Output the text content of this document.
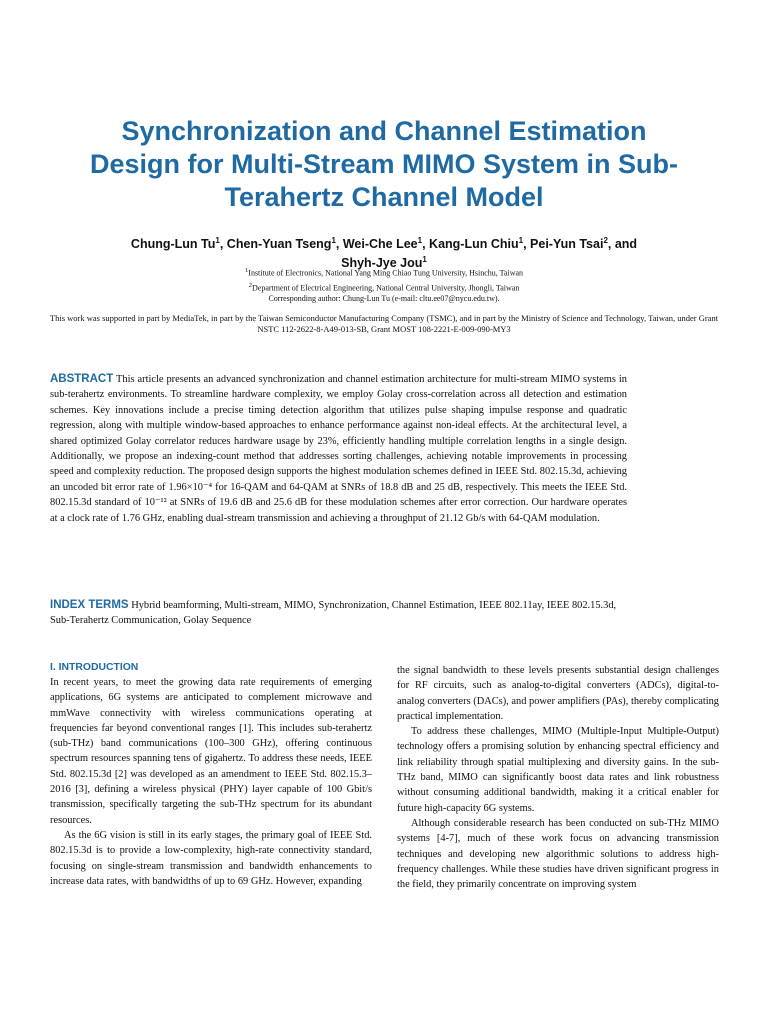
Synchronization and Channel Estimation
Design for Multi-Stream MIMO System in Sub-
Terahertz Channel Model
Chung-Lun Tu$^1$, Chen-Yuan Tseng$^1$, Wei-Che Lee$^1$, Kang-Lun Chiu$^1$, Pei-Yun Tsai$^2$, and
Shyh-Jye Jou$^1$
$^1$Institute of Electronics, National Yang Ming Chiao Tung University, Hsinchu, Taiwan
$^2$Department of Electrical Engineering, National Central University, Jhongli, Taiwan
Corresponding author: Chung-Lun Tu (e-mail: cltu.ee07@nycu.edu.tw).
This work was supported in part by MediaTek, in part by the Taiwan Semiconductor Manufacturing Company (TSMC), and in part by the Ministry of Science and Technology, Taiwan, under Grant NSTC 112-2622-8-A49-013-SB, Grant MOST 108-2221-E-009-090-MY3
ABSTRACT This article presents an advanced synchronization and channel estimation architecture for multi-stream MIMO systems in sub-terahertz environments. To streamline hardware complexity, we employ Golay cross-correlation across all detection and estimation schemes. Key innovations include a precise timing detection algorithm that utilizes pulse shaping impulse response and quadratic regression, along with multiple window-based approaches to enhance performance against non-ideal effects. At the architectural level, a shared optimized Golay correlator reduces hardware usage by 23%, efficiently handling multiple correlation lengths in a single design. Additionally, we propose an indexing-count method that addresses sorting challenges, achieving notable improvements in processing speed and complexity reduction. The proposed design supports the highest modulation schemes defined in IEEE Std. 802.15.3d, achieving an uncoded bit error rate of 1.96×10⁻⁴ for 16-QAM and 64-QAM at SNRs of 18.8 dB and 25 dB, respectively. This meets the IEEE Std. 802.15.3d standard of 10⁻¹² at SNRs of 19.6 dB and 25.6 dB for these modulation schemes after error correction. Our hardware operates at a clock rate of 1.76 GHz, enabling dual-stream transmission and achieving a throughput of 21.12 Gb/s with 64-QAM modulation.
INDEX TERMS Hybrid beamforming, Multi-stream, MIMO, Synchronization, Channel Estimation, IEEE 802.11ay, IEEE 802.15.3d, Sub-Terahertz Communication, Golay Sequence
I. INTRODUCTION

In recent years, to meet the growing data rate requirements of emerging applications, 6G systems are anticipated to complement microwave and mmWave connectivity with wireless communications operating at frequencies far beyond conventional ranges [1]. This includes sub-terahertz (sub-THz) band communications (100–300 GHz), offering continuous spectrum resources spanning tens of gigahertz. To address these needs, IEEE Std. 802.15.3d [2] was developed as an amendment to IEEE Std. 802.15.3–2016 [3], defining a wireless physical (PHY) layer capable of 100 Gbit/s transmission, specifically targeting the sub-THz spectrum for its abundant resources.

As the 6G vision is still in its early stages, the primary goal of IEEE Std. 802.15.3d is to provide a low-complexity, high-rate connectivity standard, focusing on single-stream transmission and bandwidth enhancements to increase data rates, with bandwidths of up to 69 GHz. However, expanding

the signal bandwidth to these levels presents substantial design challenges for RF circuits, such as analog-to-digital converters (ADCs), digital-to-analog converters (DACs), and power amplifiers (PAs), thereby complicating practical implementation.

To address these challenges, MIMO (Multiple-Input Multiple-Output) technology offers a promising solution by enhancing spectral efficiency and link reliability through spatial multiplexing and diversity gains. In the sub-THz band, MIMO can significantly boost data rates and link robustness without consuming additional bandwidth, making it a critical enabler for future high-capacity 6G systems.

Although considerable research has been conducted on sub-THz MIMO systems [4-7], much of these work focus on advancing transmission techniques and developing new algorithmic solutions to address high-frequency challenges. While these studies have driven significant progress in the field, they primarily concentrate on improving system
